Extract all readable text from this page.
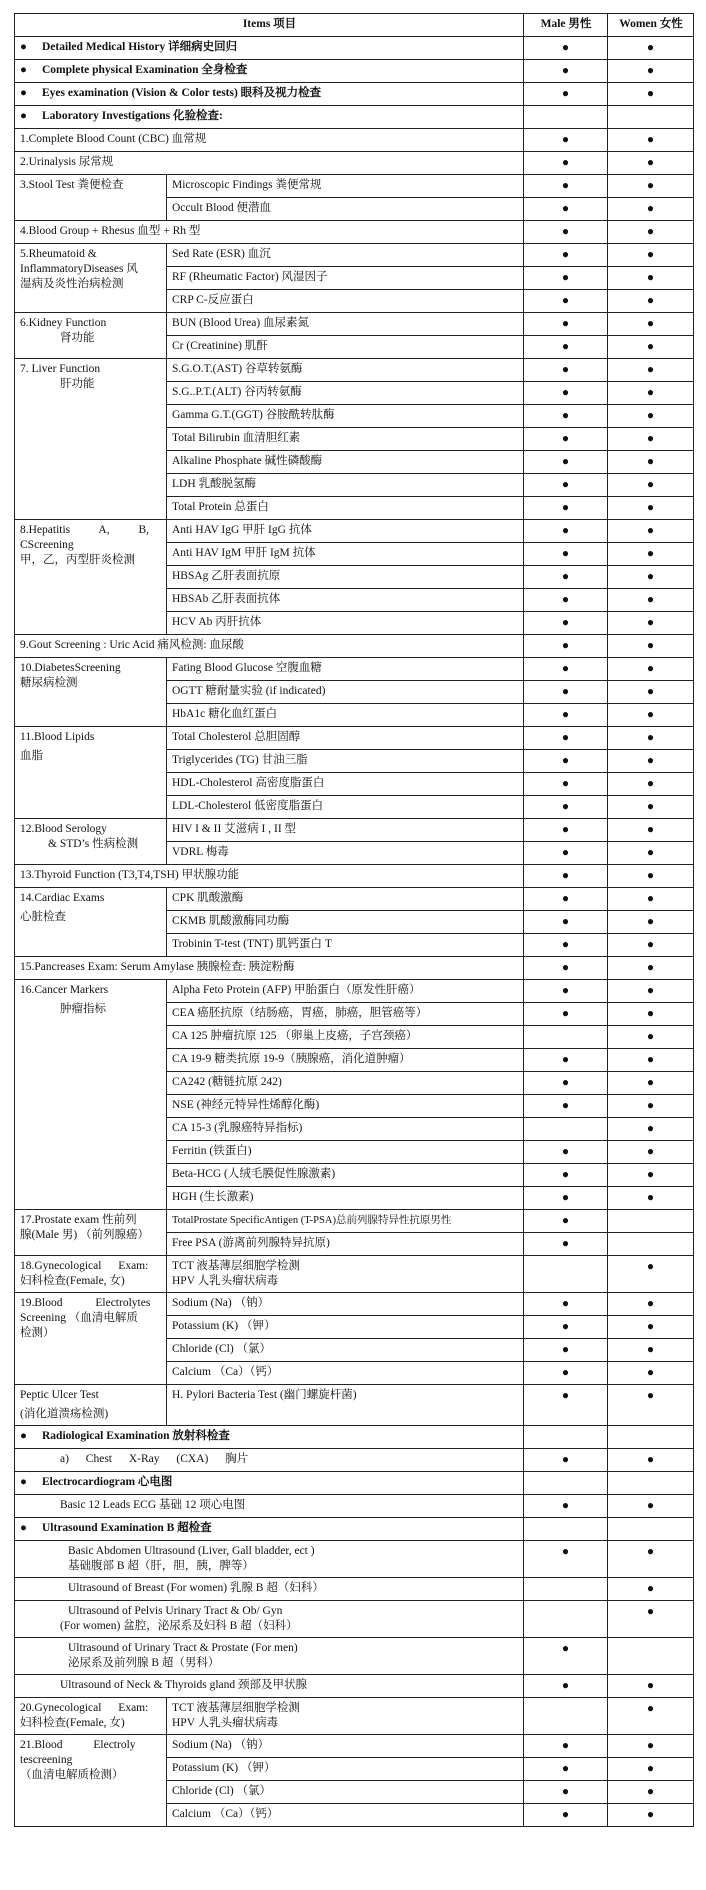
Items 项目		Male 男性	Women 女性
● Detailed Medical History 详细病史回归		●	●
● Complete physical Examination 全身检查		●	●
● Eyes examination (Vision & Color tests) 眼科及视力检查		●	●
● Laboratory Investigations 化验检查:			
1.Complete Blood Count (CBC) 血常规		●	●
2.Urinalysis 尿常规		●	●
3.Stool Test 粪便检查	Microscopic Findings 粪便常规	●	●
	Occult Blood 便潜血	●	●
4.Blood Group + Rhesus 血型 + Rh 型		●	●

5.Rheumatoid &
InflammatoryDiseases 风
湿病及炎性治病检测	Sed Rate (ESR) 血沉	●	●
	RF (Rheumatic Factor) 风湿因子	●	●
	CRP C-反应蛋白	●	●

6.Kidney Function
肾功能	BUN (Blood Urea) 血尿素氮	●	●
	Cr (Creatinine) 肌酐	●	●

7. Liver Function
肝功能	S.G.O.T.(AST) 谷草转氨酶	●	●
	S.G..P.T.(ALT) 谷丙转氨酶	●	●
	Gamma G.T.(GGT) 谷胺酰转肽酶	●	●
	Total Bilirubin 血清胆红素	●	●
	Alkaline Phosphate 碱性磷酸酶	●	●
	LDH 乳酸脱氢酶	●	●
	Total Protein 总蛋白	●	●

8.Hepatitis A, B,
CScreening
甲，乙，丙型肝炎检测	Anti HAV IgG 甲肝 IgG 抗体	●	●
	Anti HAV IgM 甲肝 IgM 抗体	●	●
	HBSAg 乙肝表面抗原	●	●
	HBSAb 乙肝表面抗体	●	●
	HCV Ab 丙肝抗体	●	●
9.Gout Screening : Uric Acid 痛风检测: 血尿酸		●	●

10.DiabetesScreening
糖尿病检测	Fating Blood Glucose 空腹血糖	●	●
	OGTT 糖耐量实验 (if indicated)	●	●
	HbA1c 糖化血红蛋白	●	●

11.Blood Lipids
血脂	Total Cholesterol 总胆固醇	●	●
	Triglycerides (TG) 甘油三脂	●	●
	HDL-Cholesterol 高密度脂蛋白	●	●
	LDL-Cholesterol 低密度脂蛋白	●	●

12.Blood Serology
& STD’s 性病检测	HIV I & II 艾滋病 I , II 型	●	●
	VDRL 梅毒	●	●
13.Thyroid Function (T3,T4,TSH) 甲状腺功能		●	●

14.Cardiac Exams
心脏检查	CPK 肌酸激酶	●	●
	CKMB 肌酸激酶同功酶	●	●
	Trobinin T-test (TNT) 肌钙蛋白 T	●	●
15.Pancreases Exam: Serum Amylase 胰腺检查: 胰淀粉酶		●	●

16.Cancer Markers
肿瘤指标	Alpha Feto Protein (AFP) 甲胎蛋白（原发性肝癌）	●	●
	CEA 癌胚抗原（结肠癌，胃癌，肺癌，胆管癌等）	●	●
	CA 125 肿瘤抗原 125 （卵巢上皮癌，子宫颈癌）		●
	CA 19-9 糖类抗原 19-9（胰腺癌，消化道肿瘤）	●	●
	CA242 (糖链抗原 242)	●	●
	NSE (神经元特异性烯醇化酶)	●	●
	CA 15-3 (乳腺癌特异指标)		●
	Ferritin (铁蛋白)	●	●
	Beta-HCG (人绒毛膜促性腺激素)	●	●
	HGH (生长激素)	●	●

17.Prostate exam 性前列
腺(Male 男) （前列腺癌）	TotalProstate SpecificAntigen (T-PSA)总前列腺特异性抗原男性	●	
	Free PSA (游离前列腺特异抗原)	●	

18.Gynecological Exam:
妇科检查(Female, 女)	TCT 液基薄层细胞学检测
HPV 人乳头瘤状病毒		●

19.Blood Electrolytes
Screening （血清电解质
检测）	Sodium (Na) （钠）	●	●
	Potassium (K) （钾）	●	●
	Chloride (Cl) （氯）	●	●
	Calcium （Ca）（钙）	●	●

Peptic Ulcer Test
(消化道溃疡检测)	H. Pylori Bacteria Test (幽门螺旋杆菌)	●	●
● Radiological Examination 放射科检查			
a) Chest X-Ray (CXA) 胸片		●	●
● Electrocardiogram 心电图			
Basic 12 Leads ECG 基础 12 项心电图		●	●
● Ultrasound Examination B 超检查			

Basic Abdomen Ultrasound (Liver, Gall bladder, ect )
基础腹部 B 超（肝，胆，胰，脾等）		●	●
Ultrasound of Breast (For women) 乳腺 B 超（妇科）			●

Ultrasound of Pelvis Urinary Tract & Ob/ Gyn
(For women) 盆腔，泌尿系及妇科 B 超（妇科）			●

Ultrasound of Urinary Tract & Prostate (For men)
泌尿系及前列腺 B 超（男科）		●	
Ultrasound of Neck & Thyroids gland 颈部及甲状腺		●	●

20.Gynecological Exam:
妇科检查(Female, 女)	TCT 液基薄层细胞学检测
HPV 人乳头瘤状病毒		●

21.Blood Electroly
tescreening
（血清电解质检测）	Sodium (Na) （钠）	●	●
	Potassium (K) （钾）	●	●
	Chloride (Cl) （氯）	●	●
	Calcium （Ca）（钙）	●	●
